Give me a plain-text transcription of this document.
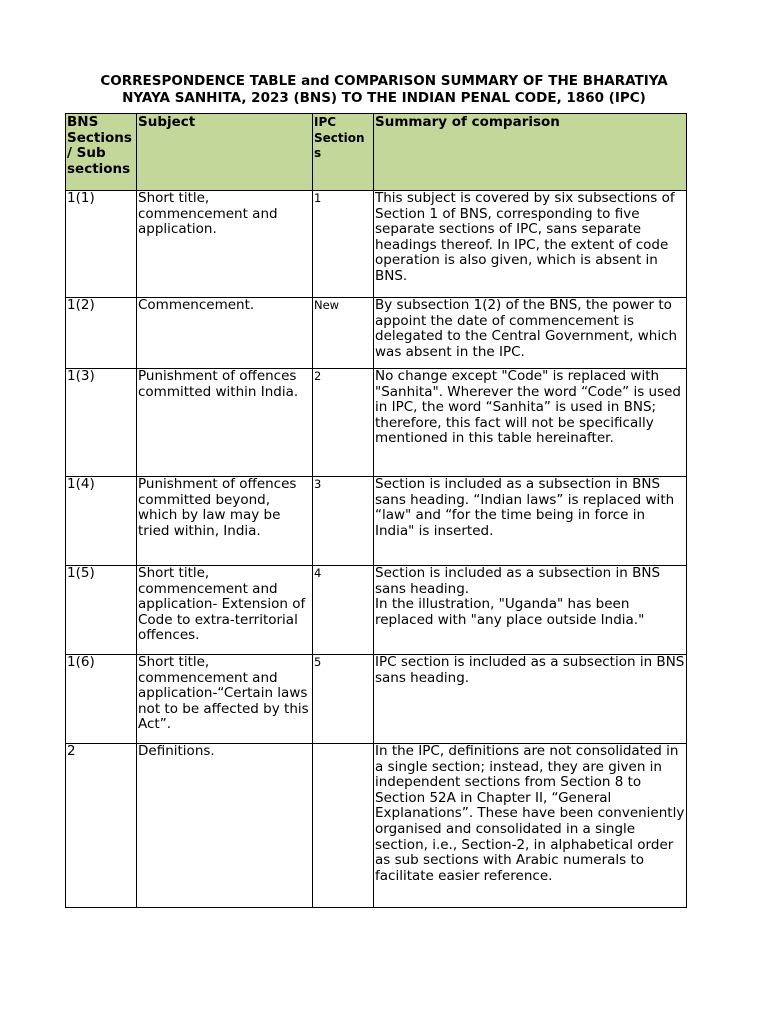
CORRESPONDENCE TABLE and COMPARISON SUMMARY OF THE BHARATIYA
NYAYA SANHITA, 2023 (BNS) TO THE INDIAN PENAL CODE, 1860 (IPC)
BNS Sections / Sub sections	Subject	IPC Section s	Summary of comparison

1(1)	Short title, commencement and application.	1	This subject is covered by six subsections of Section 1 of BNS, corresponding to five separate sections of IPC, sans separate headings thereof. In IPC, the extent of code operation is also given, which is absent in BNS.

1(2)	Commencement.	New	By subsection 1(2) of the BNS, the power to appoint the date of commencement is delegated to the Central Government, which was absent in the IPC.

1(3)	Punishment of offences committed within India.	2	No change except "Code" is replaced with "Sanhita". Wherever the word “Code” is used in IPC, the word “Sanhita” is used in BNS; therefore, this fact will not be specifically mentioned in this table hereinafter.

1(4)	Punishment of offences committed beyond, which by law may be tried within, India.	3	Section is included as a subsection in BNS sans heading. “Indian laws” is replaced with “law" and “for the time being in force in
India" is inserted.

1(5)	Short title, commencement and application- Extension of Code to extra-territorial offences.	4	Section is included as a subsection in BNS sans heading.
In the illustration, "Uganda" has been replaced with "any place outside India."

1(6)	Short title, commencement and application-“Certain laws not to be affected by this Act”.	5	IPC section is included as a subsection in BNS sans heading.

2	Definitions.		In the IPC, definitions are not consolidated in a single section; instead, they are given in
independent sections from Section 8 to Section 52A in Chapter II, “General Explanations”. These have been conveniently organised and consolidated in a single section, i.e., Section-2, in alphabetical order as sub sections with Arabic numerals to facilitate easier reference.
